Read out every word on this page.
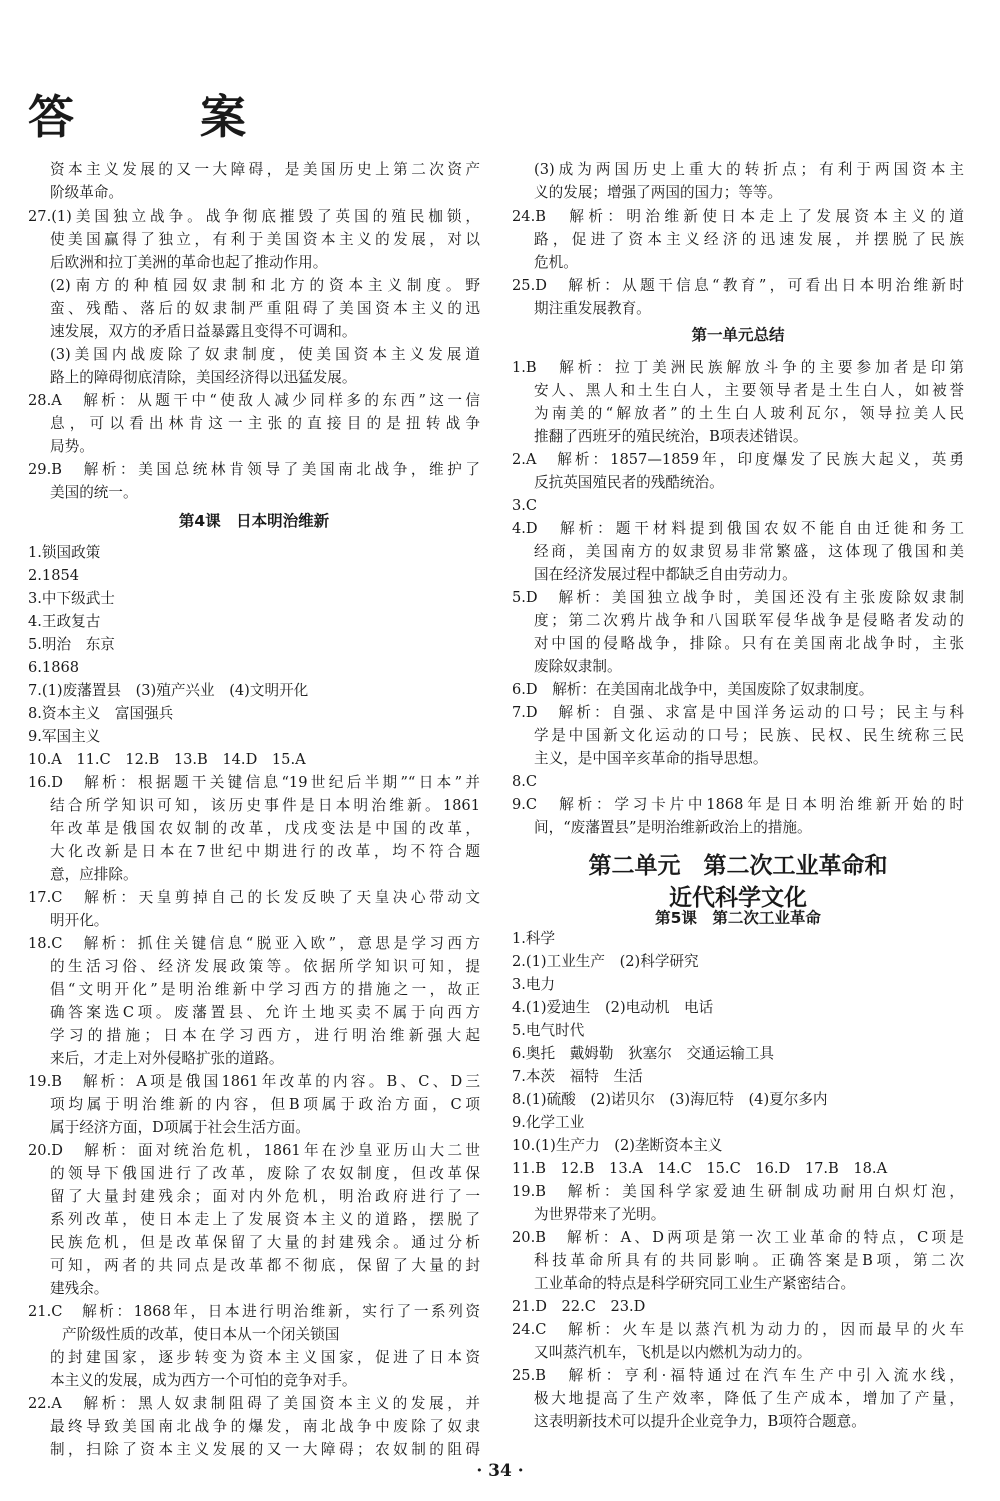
答　案
第4课　日本明治维新
资本主义发展的又一大障碍，是美国历史上第二次资产
阶级革命。
27.(1)美国独立战争。战争彻底摧毁了英国的殖民枷锁，
使美国赢得了独立，有利于美国资本主义的发展，对以
后欧洲和拉丁美洲的革命也起了推动作用。
(2)南方的种植园奴隶制和北方的资本主义制度。野
蛮、残酷、落后的奴隶制严重阻碍了美国资本主义的迅
速发展，双方的矛盾日益暴露且变得不可调和。
(3)美国内战废除了奴隶制度，使美国资本主义发展道
路上的障碍彻底清除，美国经济得以迅猛发展。
28.A　解析：从题干中“使敌人减少同样多的东西”这一信
息，可以看出林肯这一主张的直接目的是扭转战争
局势。
29.B　解析：美国总统林肯领导了美国南北战争，维护了
美国的统一。
1.锁国政策
2.1854
3.中下级武士
4.王政复古
5.明治　东京
6.1868
7.(1)废藩置县　(3)殖产兴业　(4)文明开化
8.资本主义　富国强兵
9.军国主义
10.A　11.C　12.B　13.B　14.D　15.A
16.D　解析：根据题干关键信息“19世纪后半期”“日本”并
结合所学知识可知，该历史事件是日本明治维新。1861
年改革是俄国农奴制的改革，戊戌变法是中国的改革，
大化改新是日本在7世纪中期进行的改革，均不符合题
意，应排除。
17.C　解析：天皇剪掉自己的长发反映了天皇决心带动文
明开化。
18.C　解析：抓住关键信息“脱亚入欧”，意思是学习西方
的生活习俗、经济发展政策等。依据所学知识可知，提
倡“文明开化”是明治维新中学习西方的措施之一，故正
确答案选C项。废藩置县、允许土地买卖不属于向西方
学习的措施；日本在学习西方，进行明治维新强大起
来后，才走上对外侵略扩张的道路。
19.B　解析：A项是俄国1861年改革的内容。B、C、D三
项均属于明治维新的内容，但B项属于政治方面，C项
属于经济方面，D项属于社会生活方面。
20.D　解析：面对统治危机，1861年在沙皇亚历山大二世
的领导下俄国进行了改革，废除了农奴制度，但改革保
留了大量封建残余；面对内外危机，明治政府进行了一
系列改革，使日本走上了发展资本主义的道路，摆脱了
民族危机，但是改革保留了大量的封建残余。通过分析
可知，两者的共同点是改革都不彻底，保留了大量的封
建残余。
21.C　解析：1868年，日本进行明治维新，实行了一系列资
产阶级性质的改革，使日本从一个闭关锁国
的封建国家，逐步转变为资本主义国家，促进了日本资
本主义的发展，成为西方一个可怕的竞争对手。
22.A　解析：黑人奴隶制阻碍了美国资本主义的发展，并
最终导致美国南北战争的爆发，南北战争中废除了奴隶
制，扫除了资本主义发展的又一大障碍；农奴制的阻碍
第一单元总结
第二单元　第二次工业革命和
近代科学文化
第5课　第二次工业革命
(3)成为两国历史上重大的转折点；有利于两国资本主
义的发展；增强了两国的国力；等等。
24.B　解析：明治维新使日本走上了发展资本主义的道
路，促进了资本主义经济的迅速发展，并摆脱了民族
危机。
25.D　解析：从题干信息“教育”，可看出日本明治维新时
期注重发展教育。
1.B　解析：拉丁美洲民族解放斗争的主要参加者是印第
安人、黑人和土生白人，主要领导者是土生白人，如被誉
为南美的“解放者”的土生白人玻利瓦尔，领导拉美人民
推翻了西班牙的殖民统治，B项表述错误。
2.A　解析：1857—1859年，印度爆发了民族大起义，英勇
反抗英国殖民者的残酷统治。
3.C
4.D　解析：题干材料提到俄国农奴不能自由迁徙和务工
经商，美国南方的奴隶贸易非常繁盛，这体现了俄国和美
国在经济发展过程中都缺乏自由劳动力。
5.D　解析：美国独立战争时，美国还没有主张废除奴隶制
度；第二次鸦片战争和八国联军侵华战争是侵略者发动的
对中国的侵略战争，排除。只有在美国南北战争时，主张
废除奴隶制。
6.D　解析：在美国南北战争中，美国废除了奴隶制度。
7.D　解析：自强、求富是中国洋务运动的口号；民主与科
学是中国新文化运动的口号；民族、民权、民生统称三民
主义，是中国辛亥革命的指导思想。
8.C
9.C　解析：学习卡片中1868年是日本明治维新开始的时
间，“废藩置县”是明治维新政治上的措施。
1.科学
2.(1)工业生产　(2)科学研究
3.电力
4.(1)爱迪生　(2)电动机　电话
5.电气时代
6.奥托　戴姆勒　狄塞尔　交通运输工具
7.本茨　福特　生活
8.(1)硫酸　(2)诺贝尔　(3)海厄特　(4)夏尔多内
9.化学工业
10.(1)生产力　(2)垄断资本主义
11.B　12.B　13.A　14.C　15.C　16.D　17.B　18.A
19.B　解析：美国科学家爱迪生研制成功耐用白炽灯泡，
为世界带来了光明。
20.B　解析：A、D两项是第一次工业革命的特点，C项是
科技革命所具有的共同影响。正确答案是B项，第二次
工业革命的特点是科学研究同工业生产紧密结合。
21.D　22.C　23.D
24.C　解析：火车是以蒸汽机为动力的，因而最早的火车
又叫蒸汽机车，飞机是以内燃机为动力的。
25.B　解析：亨利·福特通过在汽车生产中引入流水线，
极大地提高了生产效率，降低了生产成本，增加了产量，
这表明新技术可以提升企业竞争力，B项符合题意。
· 34 ·
